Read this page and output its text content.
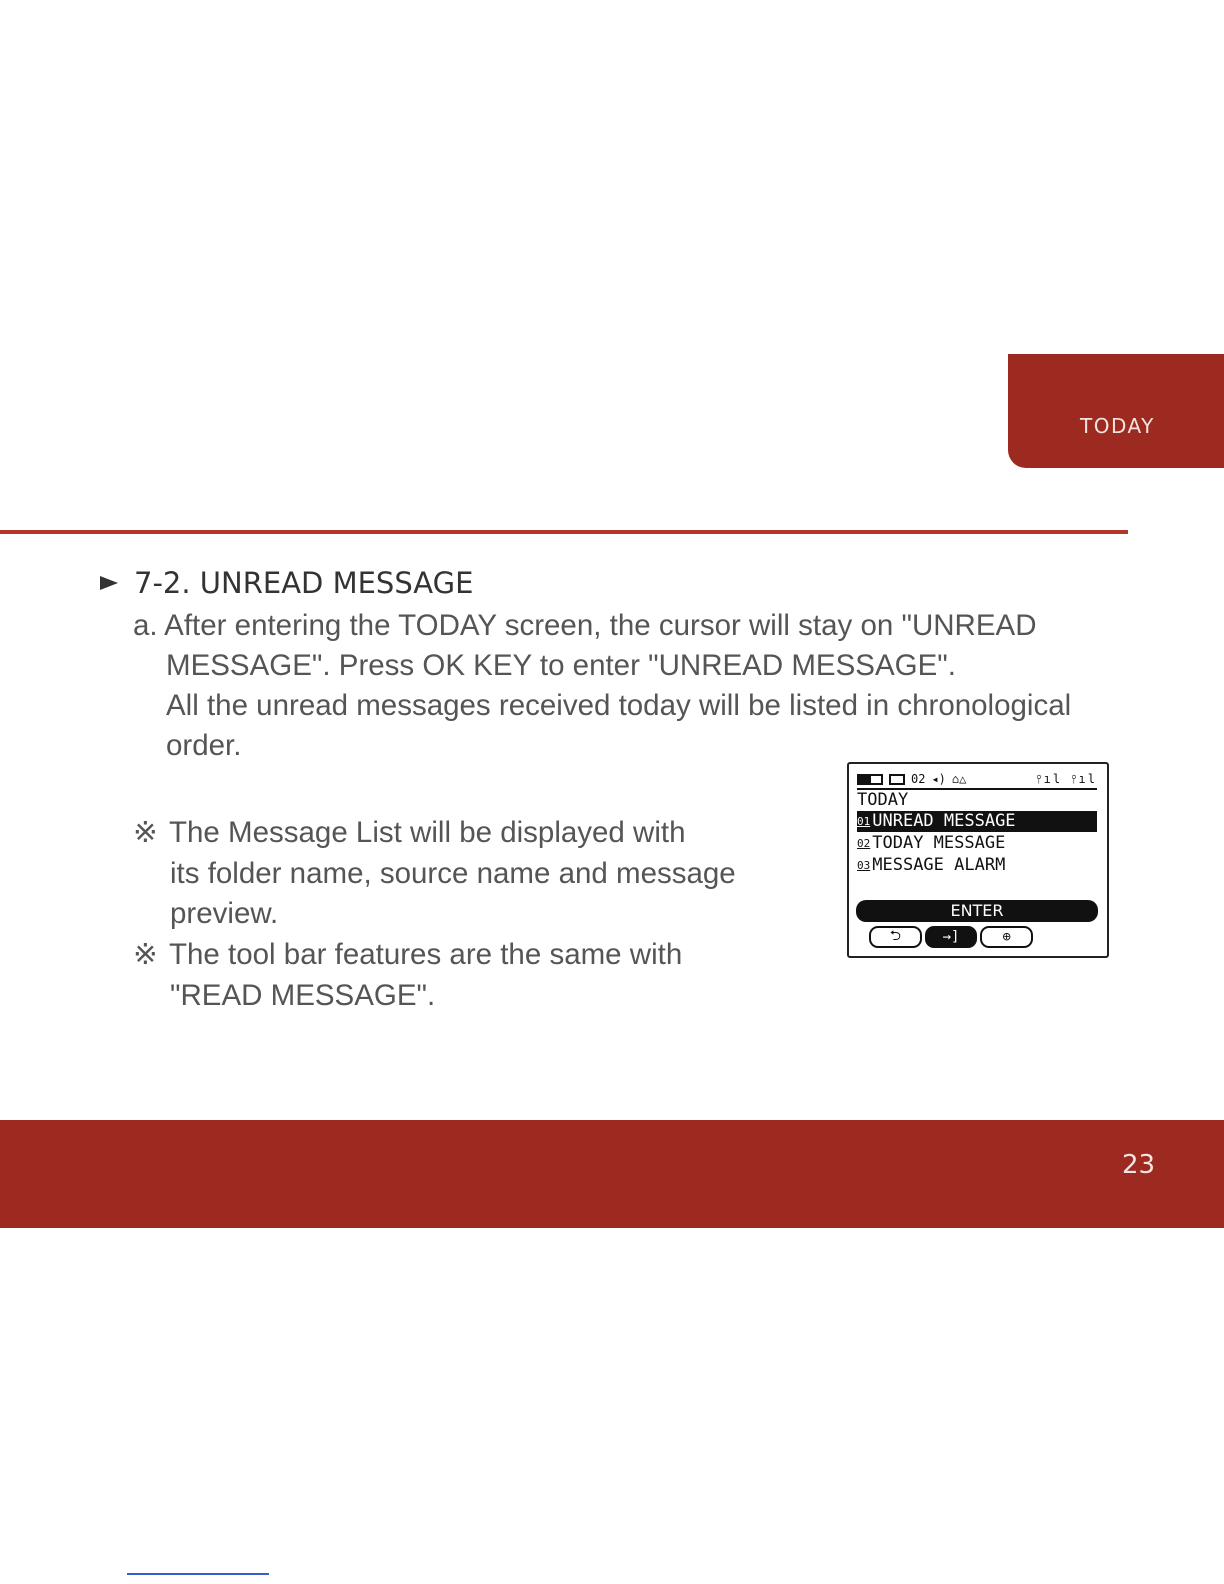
TODAY
7-2. UNREAD MESSAGE
a. After entering the TODAY screen, the cursor will stay on "UNREAD
MESSAGE". Press OK KEY to enter "UNREAD MESSAGE".
All the unread messages received today will be listed in chronological
order.
※ The Message List will be displayed with
its folder name, source name and message
preview.
※ The tool bar features are the same with
"READ MESSAGE".
02 ◂) ⌂△	⫯ıl ⫯ıl
TODAY
$^{01}$ UNREAD MESSAGE
$^{02}$ TODAY MESSAGE
$^{03}$ MESSAGE ALARM
ENTER
⮌	→]	⊕
23
